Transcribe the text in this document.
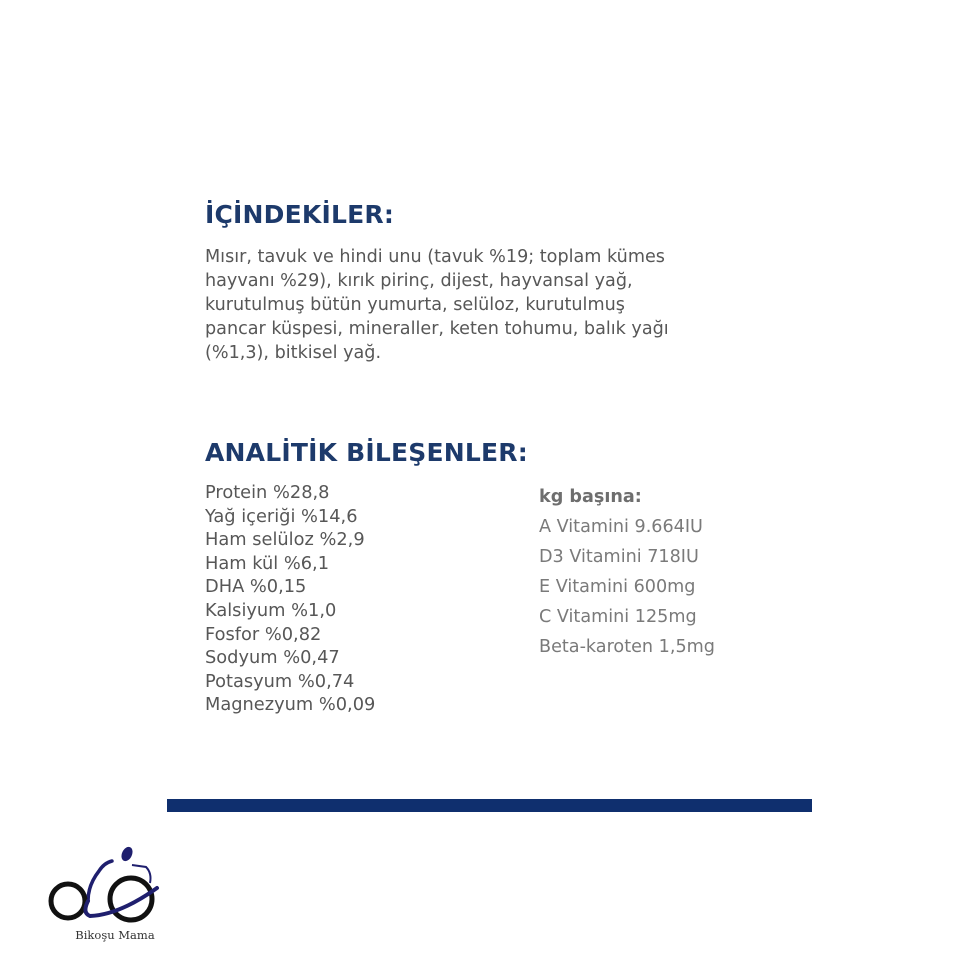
İÇİNDEKİLER:
Mısır, tavuk ve hindi unu (tavuk %19; toplam kümes
hayvanı %29), kırık pirinç, dijest, hayvansal yağ,
kurutulmuş bütün yumurta, selüloz, kurutulmuş
pancar küspesi, mineraller, keten tohumu, balık yağı
(%1,3), bitkisel yağ.
ANALİTİK BİLEŞENLER:
Protein %28,8
Yağ içeriği %14,6
Ham selüloz %2,9
Ham kül %6,1
DHA %0,15
Kalsiyum %1,0
Fosfor %0,82
Sodyum %0,47
Potasyum %0,74
Magnezyum %0,09
kg başına:
A Vitamini 9.664IU
D3 Vitamini 718IU
E Vitamini 600mg
C Vitamini 125mg
Beta-karoten 1,5mg
Bikoşu Mama
